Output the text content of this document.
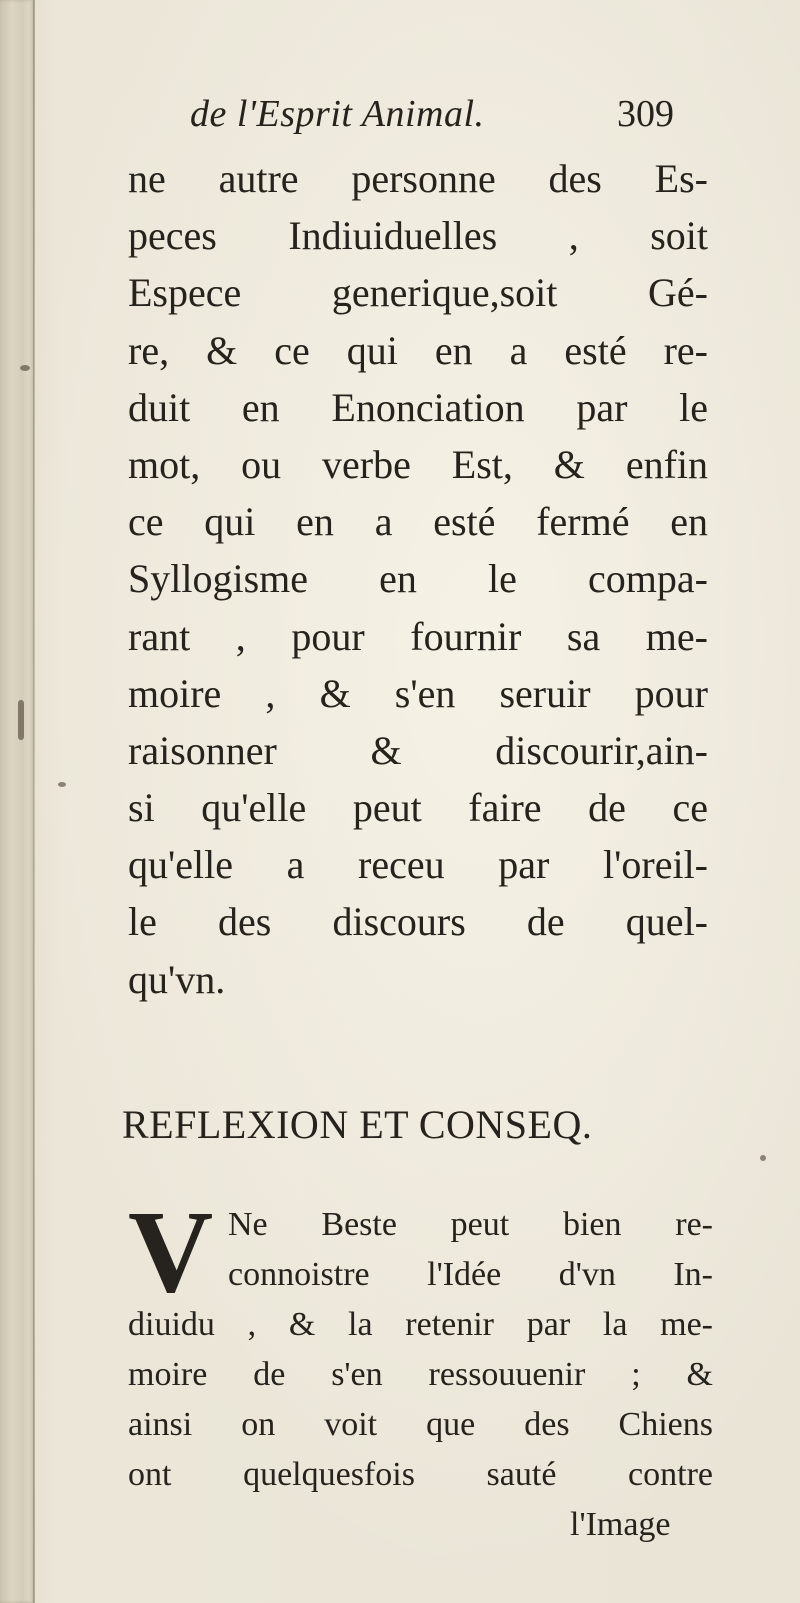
de l'Esprit Animal.	309
ne autre personne des Es-
peces Indiuiduelles , soit
Espece generique,soit Gé-
re, & ce qui en a esté re-
duit en Enonciation par le
mot, ou verbe Est, & enfin
ce qui en a esté fermé en
Syllogisme en le compa-
rant , pour fournir sa me-
moire , & s'en seruir pour
raisonner & discourir,ain-
si qu'elle peut faire de ce
qu'elle a receu par l'oreil-
le des discours de quel-
qu'vn.
REFLEXION ET CONSEQ.
V Ne Beste peut bien re-
connoistre l'Idée d'vn In-
diuidu , & la retenir par la me-
moire de s'en ressouuenir ; &
ainsi on voit que des Chiens
ont quelquesfois sauté contre
l'Image
